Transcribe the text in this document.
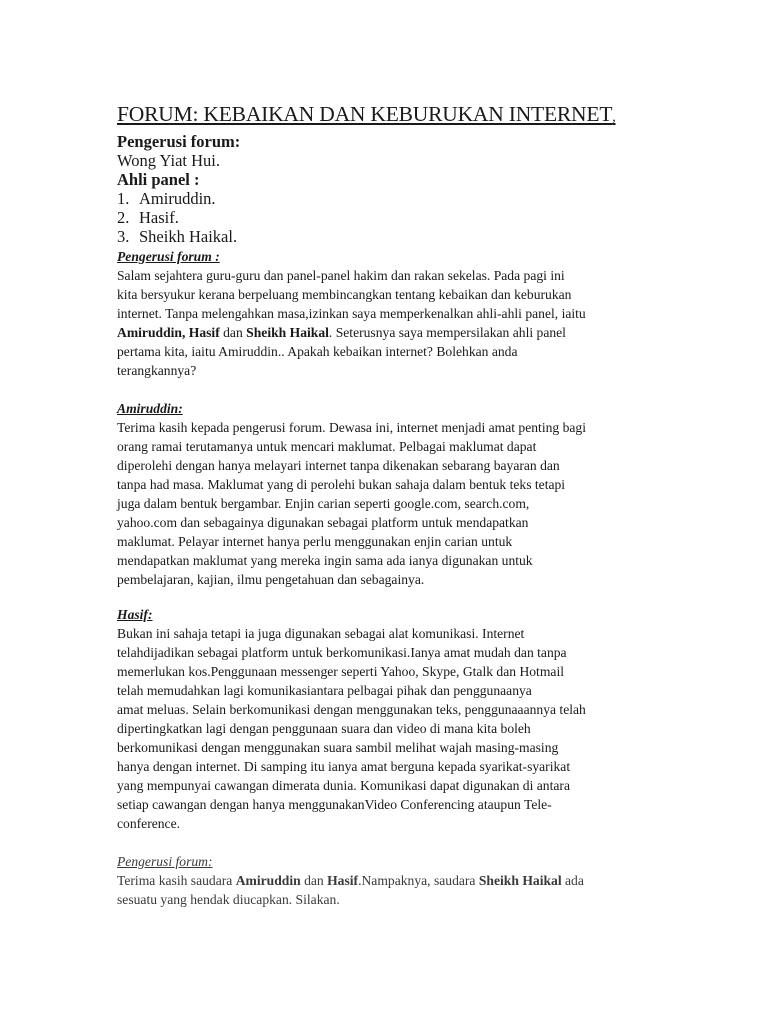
FORUM: KEBAIKAN DAN KEBURUKAN INTERNET,
Pengerusi forum:
Wong Yiat Hui.
Ahli panel :
1. Amiruddin.
2. Hasif.
3. Sheikh Haikal.
Pengerusi forum :
Salam sejahtera guru-guru dan panel-panel hakim dan rakan sekelas. Pada pagi ini
kita bersyukur kerana berpeluang membincangkan tentang kebaikan dan keburukan
internet. Tanpa melengahkan masa,izinkan saya memperkenalkan ahli-ahli panel, iaitu
Amiruddin, Hasif dan Sheikh Haikal. Seterusnya saya mempersilakan ahli panel
pertama kita, iaitu Amiruddin.. Apakah kebaikan internet? Bolehkan anda
terangkannya?
Amiruddin:
Terima kasih kepada pengerusi forum. Dewasa ini, internet menjadi amat penting bagi
orang ramai terutamanya untuk mencari maklumat. Pelbagai maklumat dapat
diperolehi dengan hanya melayari internet tanpa dikenakan sebarang bayaran dan
tanpa had masa. Maklumat yang di perolehi bukan sahaja dalam bentuk teks tetapi
juga dalam bentuk bergambar. Enjin carian seperti google.com, search.com,
yahoo.com dan sebagainya digunakan sebagai platform untuk mendapatkan
maklumat. Pelayar internet hanya perlu menggunakan enjin carian untuk
mendapatkan maklumat yang mereka ingin sama ada ianya digunakan untuk
pembelajaran, kajian, ilmu pengetahuan dan sebagainya.
Hasif:
Bukan ini sahaja tetapi ia juga digunakan sebagai alat komunikasi. Internet
telahdijadikan sebagai platform untuk berkomunikasi.Ianya amat mudah dan tanpa
memerlukan kos.Penggunaan messenger seperti Yahoo, Skype, Gtalk dan Hotmail
telah memudahkan lagi komunikasiantara pelbagai pihak dan penggunaanya
amat meluas. Selain berkomunikasi dengan menggunakan teks, penggunaaannya telah
dipertingkatkan lagi dengan penggunaan suara dan video di mana kita boleh
berkomunikasi dengan menggunakan suara sambil melihat wajah masing-masing
hanya dengan internet. Di samping itu ianya amat berguna kepada syarikat-syarikat
yang mempunyai cawangan dimerata dunia. Komunikasi dapat digunakan di antara
setiap cawangan dengan hanya menggunakanVideo Conferencing ataupun Tele-
conference.
Pengerusi forum:
Terima kasih saudara Amiruddin dan Hasif.Nampaknya, saudara Sheikh Haikal ada
sesuatu yang hendak diucapkan. Silakan.
